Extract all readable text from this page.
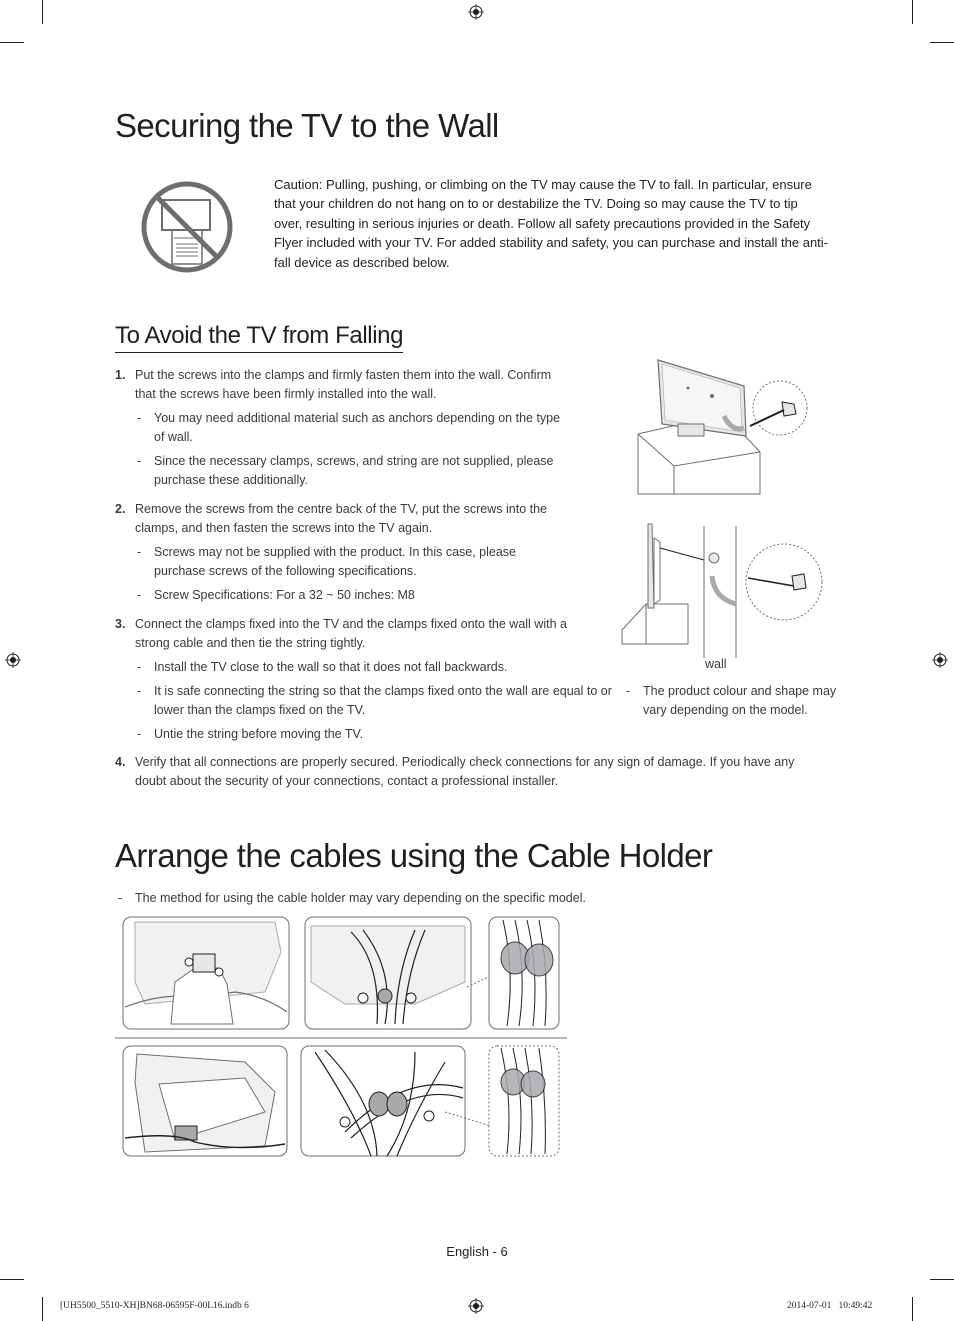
Securing the TV to the Wall
Caution: Pulling, pushing, or climbing on the TV may cause the TV to fall. In particular, ensure that your children do not hang on to or destabilize the TV. Doing so may cause the TV to tip over, resulting in serious injuries or death. Follow all safety precautions provided in the Safety Flyer included with your TV. For added stability and safety, you can purchase and install the anti-fall device as described below.
To Avoid the TV from Falling
1. Put the screws into the clamps and firmly fasten them into the wall. Confirm that the screws have been firmly installed into the wall.
- You may need additional material such as anchors depending on the type of wall.
- Since the necessary clamps, screws, and string are not supplied, please purchase these additionally.
2. Remove the screws from the centre back of the TV, put the screws into the clamps, and then fasten the screws into the TV again.
- Screws may not be supplied with the product. In this case, please purchase screws of the following specifications.
- Screw Specifications: For a 32 ~ 50 inches: M8
3. Connect the clamps fixed into the TV and the clamps fixed onto the wall with a strong cable and then tie the string tightly.
- Install the TV close to the wall so that it does not fall backwards.
- It is safe connecting the string so that the clamps fixed onto the wall are equal to or lower than the clamps fixed on the TV.
- Untie the string before moving the TV.
4. Verify that all connections are properly secured. Periodically check connections for any sign of damage. If you have any doubt about the security of your connections, contact a professional installer.
wall
- The product colour and shape may vary depending on the model.
Arrange the cables using the Cable Holder
- The method for using the cable holder may vary depending on the specific model.
English - 6
[UH5500_5510-XH]BN68-06595F-00L16.indb 6	2014-07-01   10:49:42
